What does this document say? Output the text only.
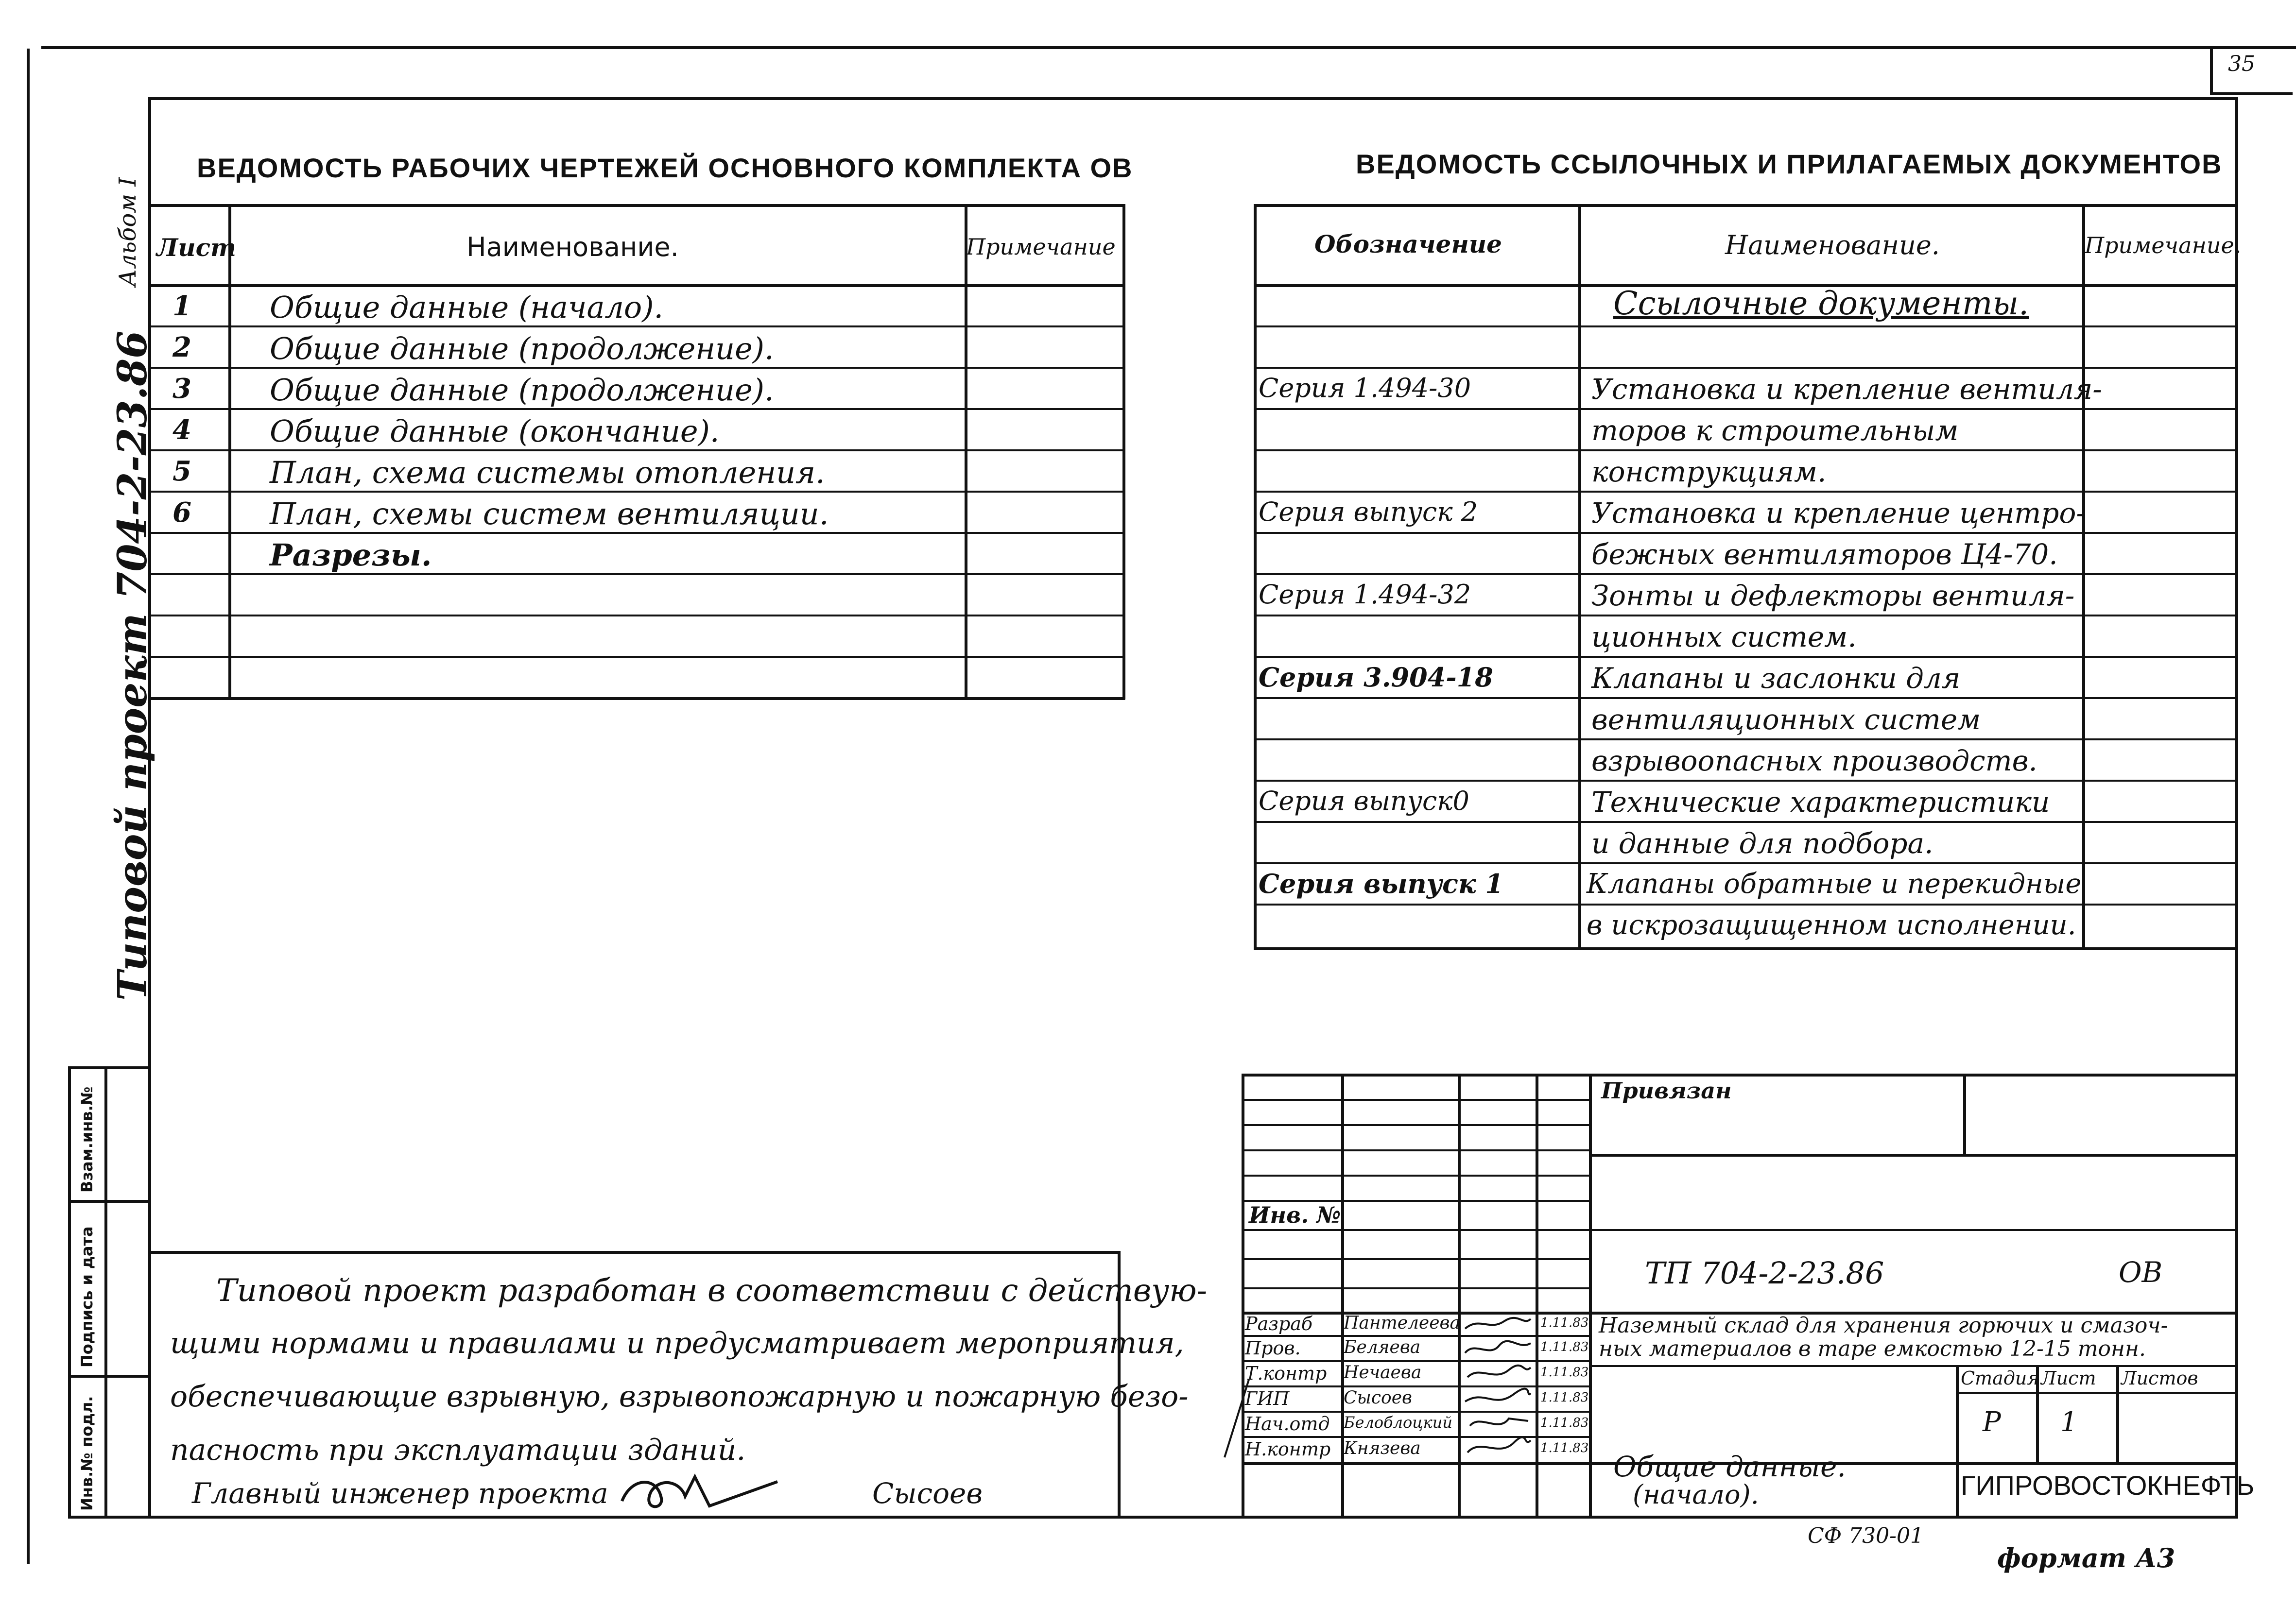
35
Альбом I
Типовой проект 704-2-23.86
Инв.№ подл.
Подпись и дата
Взам.инв.№
ВЕДОМОСТЬ РАБОЧИХ ЧЕРТЕЖЕЙ ОСНОВНОГО КОМПЛЕКТА ОВ
Лист	Наименование.	Примечание
1	Общие данные (начало).
2	Общие данные (продолжение).
3	Общие данные (продолжение).
4	Общие данные (окончание).
5	План, схема системы отопления.
6	План, схемы систем вентиляции.
Разрезы.
ВЕДОМОСТЬ ССЫЛОЧНЫХ И ПРИЛАГАЕМЫХ ДОКУМЕНТОВ
Обозначение	Наименование.	Примечание.
Ссылочные документы.
Серия 1.494-30	Установка и крепление вентиля-
торов к строительным
конструкциям.
Серия выпуск 2	Установка и крепление центро-
бежных вентиляторов Ц4-70.
Серия 1.494-32	Зонты и дефлекторы вентиля-
ционных систем.
Серия 3.904-18	Клапаны и заслонки для
вентиляционных систем
взрывоопасных производств.
Серия выпуск0	Технические характеристики
и данные для подбора.
Серия выпуск 1	Клапаны обратные и перекидные
в искрозащищенном исполнении.
Типовой проект разработан в соответствии с действую-
щими нормами и правилами и предусматривает мероприятия,
обеспечивающие взрывную, взрывопожарную и пожарную безо-
пасность при эксплуатации зданий.
Главный инженер проекта	Сысоев
Привязан
Инв. №
ТП 704-2-23.86	ОВ
Наземный склад для хранения горючих и смазоч-
ных материалов в таре емкостью 12-15 тонн.
Разраб Пантелеева	1.11.83
Пров. Беляева	1.11.83
Т.контр Нечаева	1.11.83
ГИП	Сысоев	1.11.83
Нач.отд Белоблоцкий	1.11.83
Н.контр Князева	1.11.83
Стадия Лист Листов
Р 1
Общие данные.
(начало).	ГИПРОВОСТОКНЕФТЬ
СФ 730-01
формат А3
